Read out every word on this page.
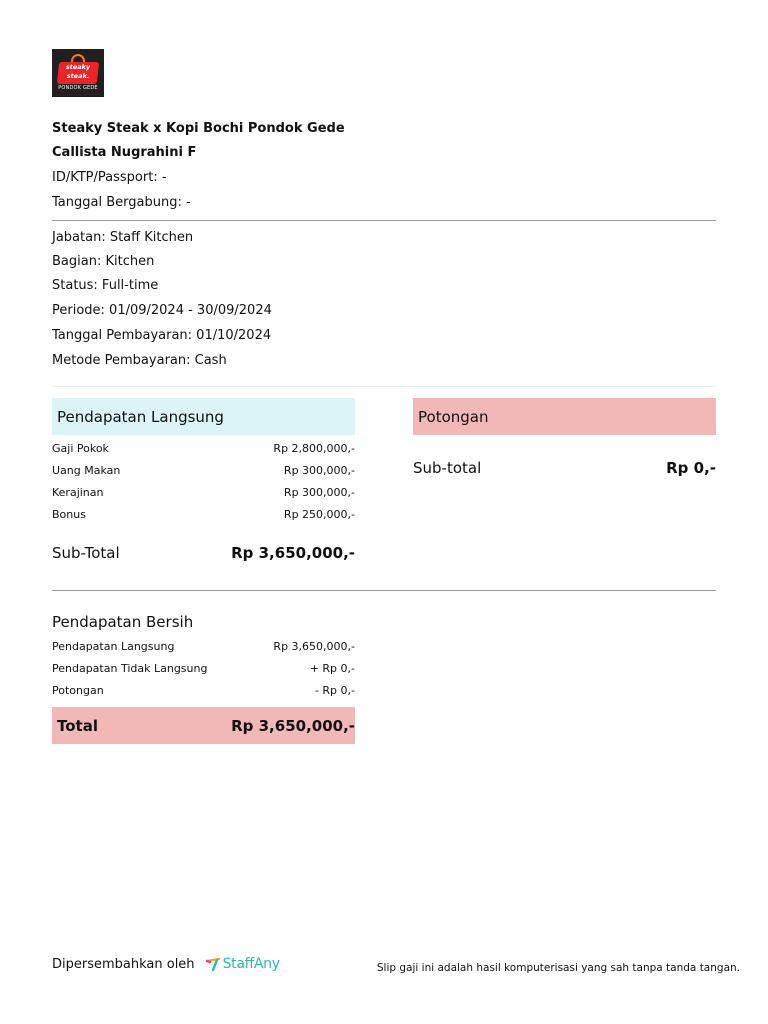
steaky
steak.
PONDOK GEDE
Steaky Steak x Kopi Bochi Pondok Gede
Callista Nugrahini F
ID/KTP/Passport: -
Tanggal Bergabung: -
Jabatan: Staff Kitchen
Bagian: Kitchen
Status: Full-time
Periode: 01/09/2024 - 30/09/2024
Tanggal Pembayaran: 01/10/2024
Metode Pembayaran: Cash
Pendapatan Langsung
Gaji Pokok	Rp 2,800,000,-
Uang Makan	Rp 300,000,-
Kerajinan	Rp 300,000,-
Bonus	Rp 250,000,-
Sub-Total	Rp 3,650,000,-
Potongan
Sub-total	Rp 0,-
Pendapatan Bersih
Pendapatan Langsung	Rp 3,650,000,-
Pendapatan Tidak Langsung	+ Rp 0,-
Potongan	- Rp 0,-
Total	Rp 3,650,000,-
Dipersembahkan oleh StaffAny	Slip gaji ini adalah hasil komputerisasi yang sah tanpa tanda tangan.
